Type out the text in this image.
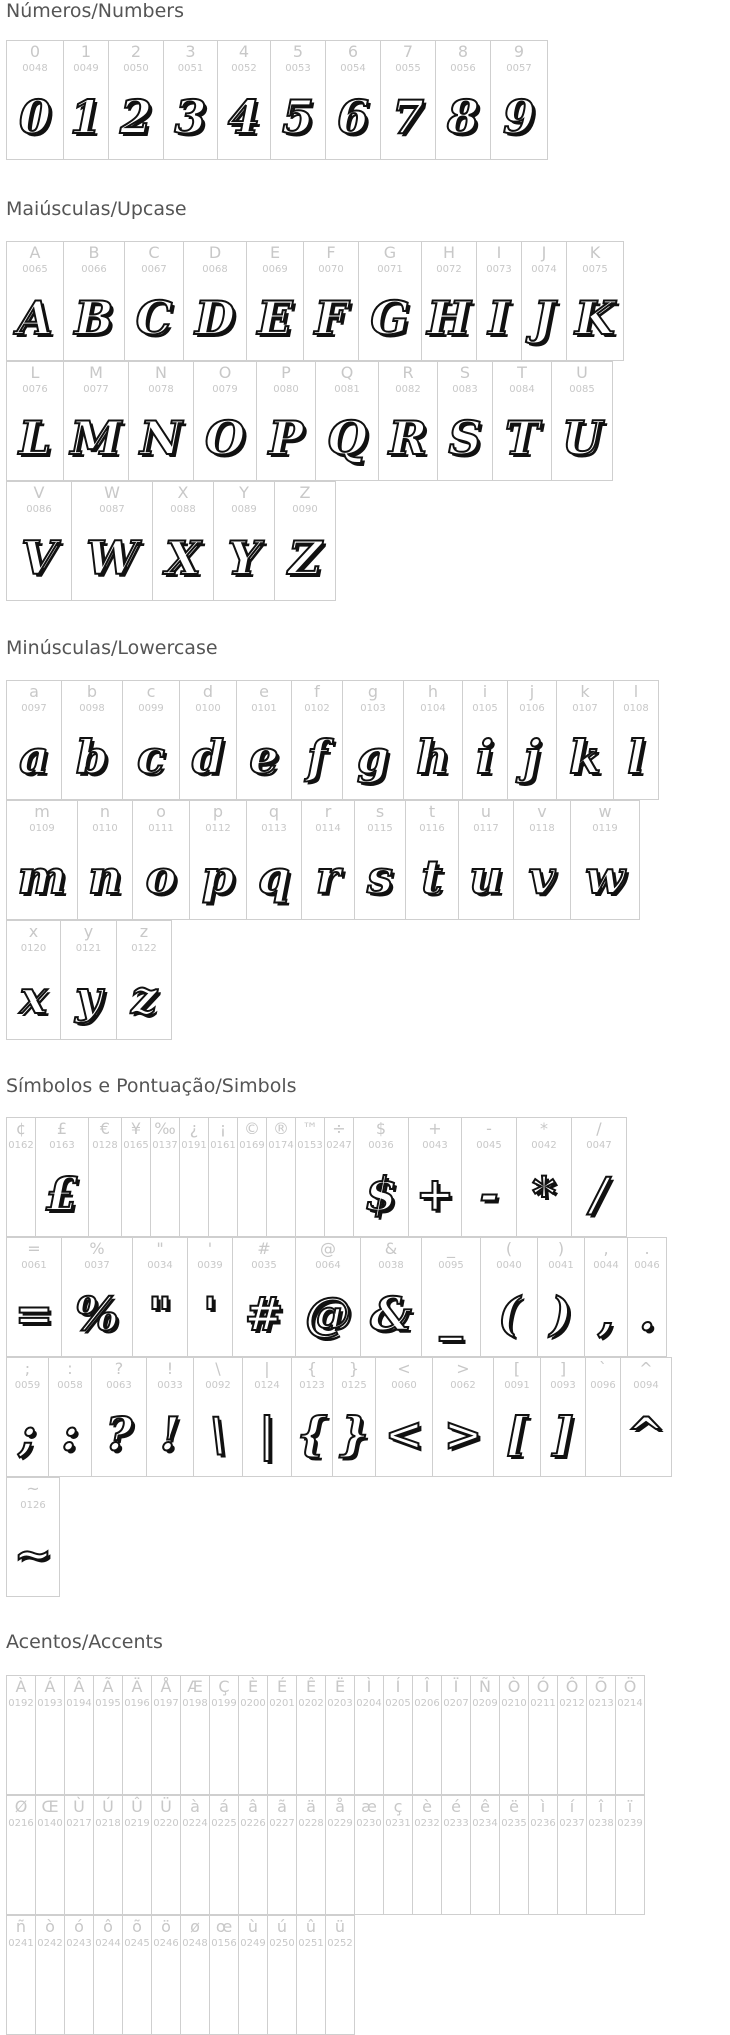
Números/Numbers
0
0048
0
1
0049
1
2
0050
2
3
0051
3
4
0052
4
5
0053
5
6
0054
6
7
0055
7
8
0056
8
9
0057
9
Maiúsculas/Upcase
A
0065
A
B
0066
B
C
0067
C
D
0068
D
E
0069
E
F
0070
F
G
0071
G
H
0072
H
I
0073
I
J
0074
J
K
0075
K
L
0076
L
M
0077
M
N
0078
N
O
0079
O
P
0080
P
Q
0081
Q
R
0082
R
S
0083
S
T
0084
T
U
0085
U
V
0086
V
W
0087
W
X
0088
X
Y
0089
Y
Z
0090
Z
Minúsculas/Lowercase
a
0097
a
b
0098
b
c
0099
c
d
0100
d
e
0101
e
f
0102
f
g
0103
g
h
0104
h
i
0105
i
j
0106
j
k
0107
k
l
0108
l
m
0109
m
n
0110
n
o
0111
o
p
0112
p
q
0113
q
r
0114
r
s
0115
s
t
0116
t
u
0117
u
v
0118
v
w
0119
w
x
0120
x
y
0121
y
z
0122
z
Símbolos e Pontuação/Simbols
¢
0162
£
0163
£
€
0128
¥
0165
‰
0137
¿
0191
¡
0161
©
0169
®
0174
™
0153
÷
0247
$
0036
$
+
0043
+
-
0045
-
*
0042
*
/
0047
/
=
0061
=
%
0037
%
"
0034
"
'
0039
'
#
0035
#
@
0064
@
&
0038
&
_
0095
_
(
0040
(
)
0041
)
,
0044
,
.
0046
.
;
0059
;
:
0058
:
?
0063
?
!
0033
!
\
0092
\
|
0124
|
{
0123
{
}
0125
}
<
0060
<
>
0062
>
[
0091
[
]
0093
]
`
0096
^
0094
^
~
0126
~
Acentos/Accents
À
0192
Á
0193
Â
0194
Ã
0195
Ä
0196
Å
0197
Æ
0198
Ç
0199
È
0200
É
0201
Ê
0202
Ë
0203
Ì
0204
Í
0205
Î
0206
Ï
0207
Ñ
0209
Ò
0210
Ó
0211
Ô
0212
Õ
0213
Ö
0214
Ø
0216
Œ
0140
Ù
0217
Ú
0218
Û
0219
Ü
0220
à
0224
á
0225
â
0226
ã
0227
ä
0228
å
0229
æ
0230
ç
0231
è
0232
é
0233
ê
0234
ë
0235
ì
0236
í
0237
î
0238
ï
0239
ñ
0241
ò
0242
ó
0243
ô
0244
õ
0245
ö
0246
ø
0248
œ
0156
ù
0249
ú
0250
û
0251
ü
0252
